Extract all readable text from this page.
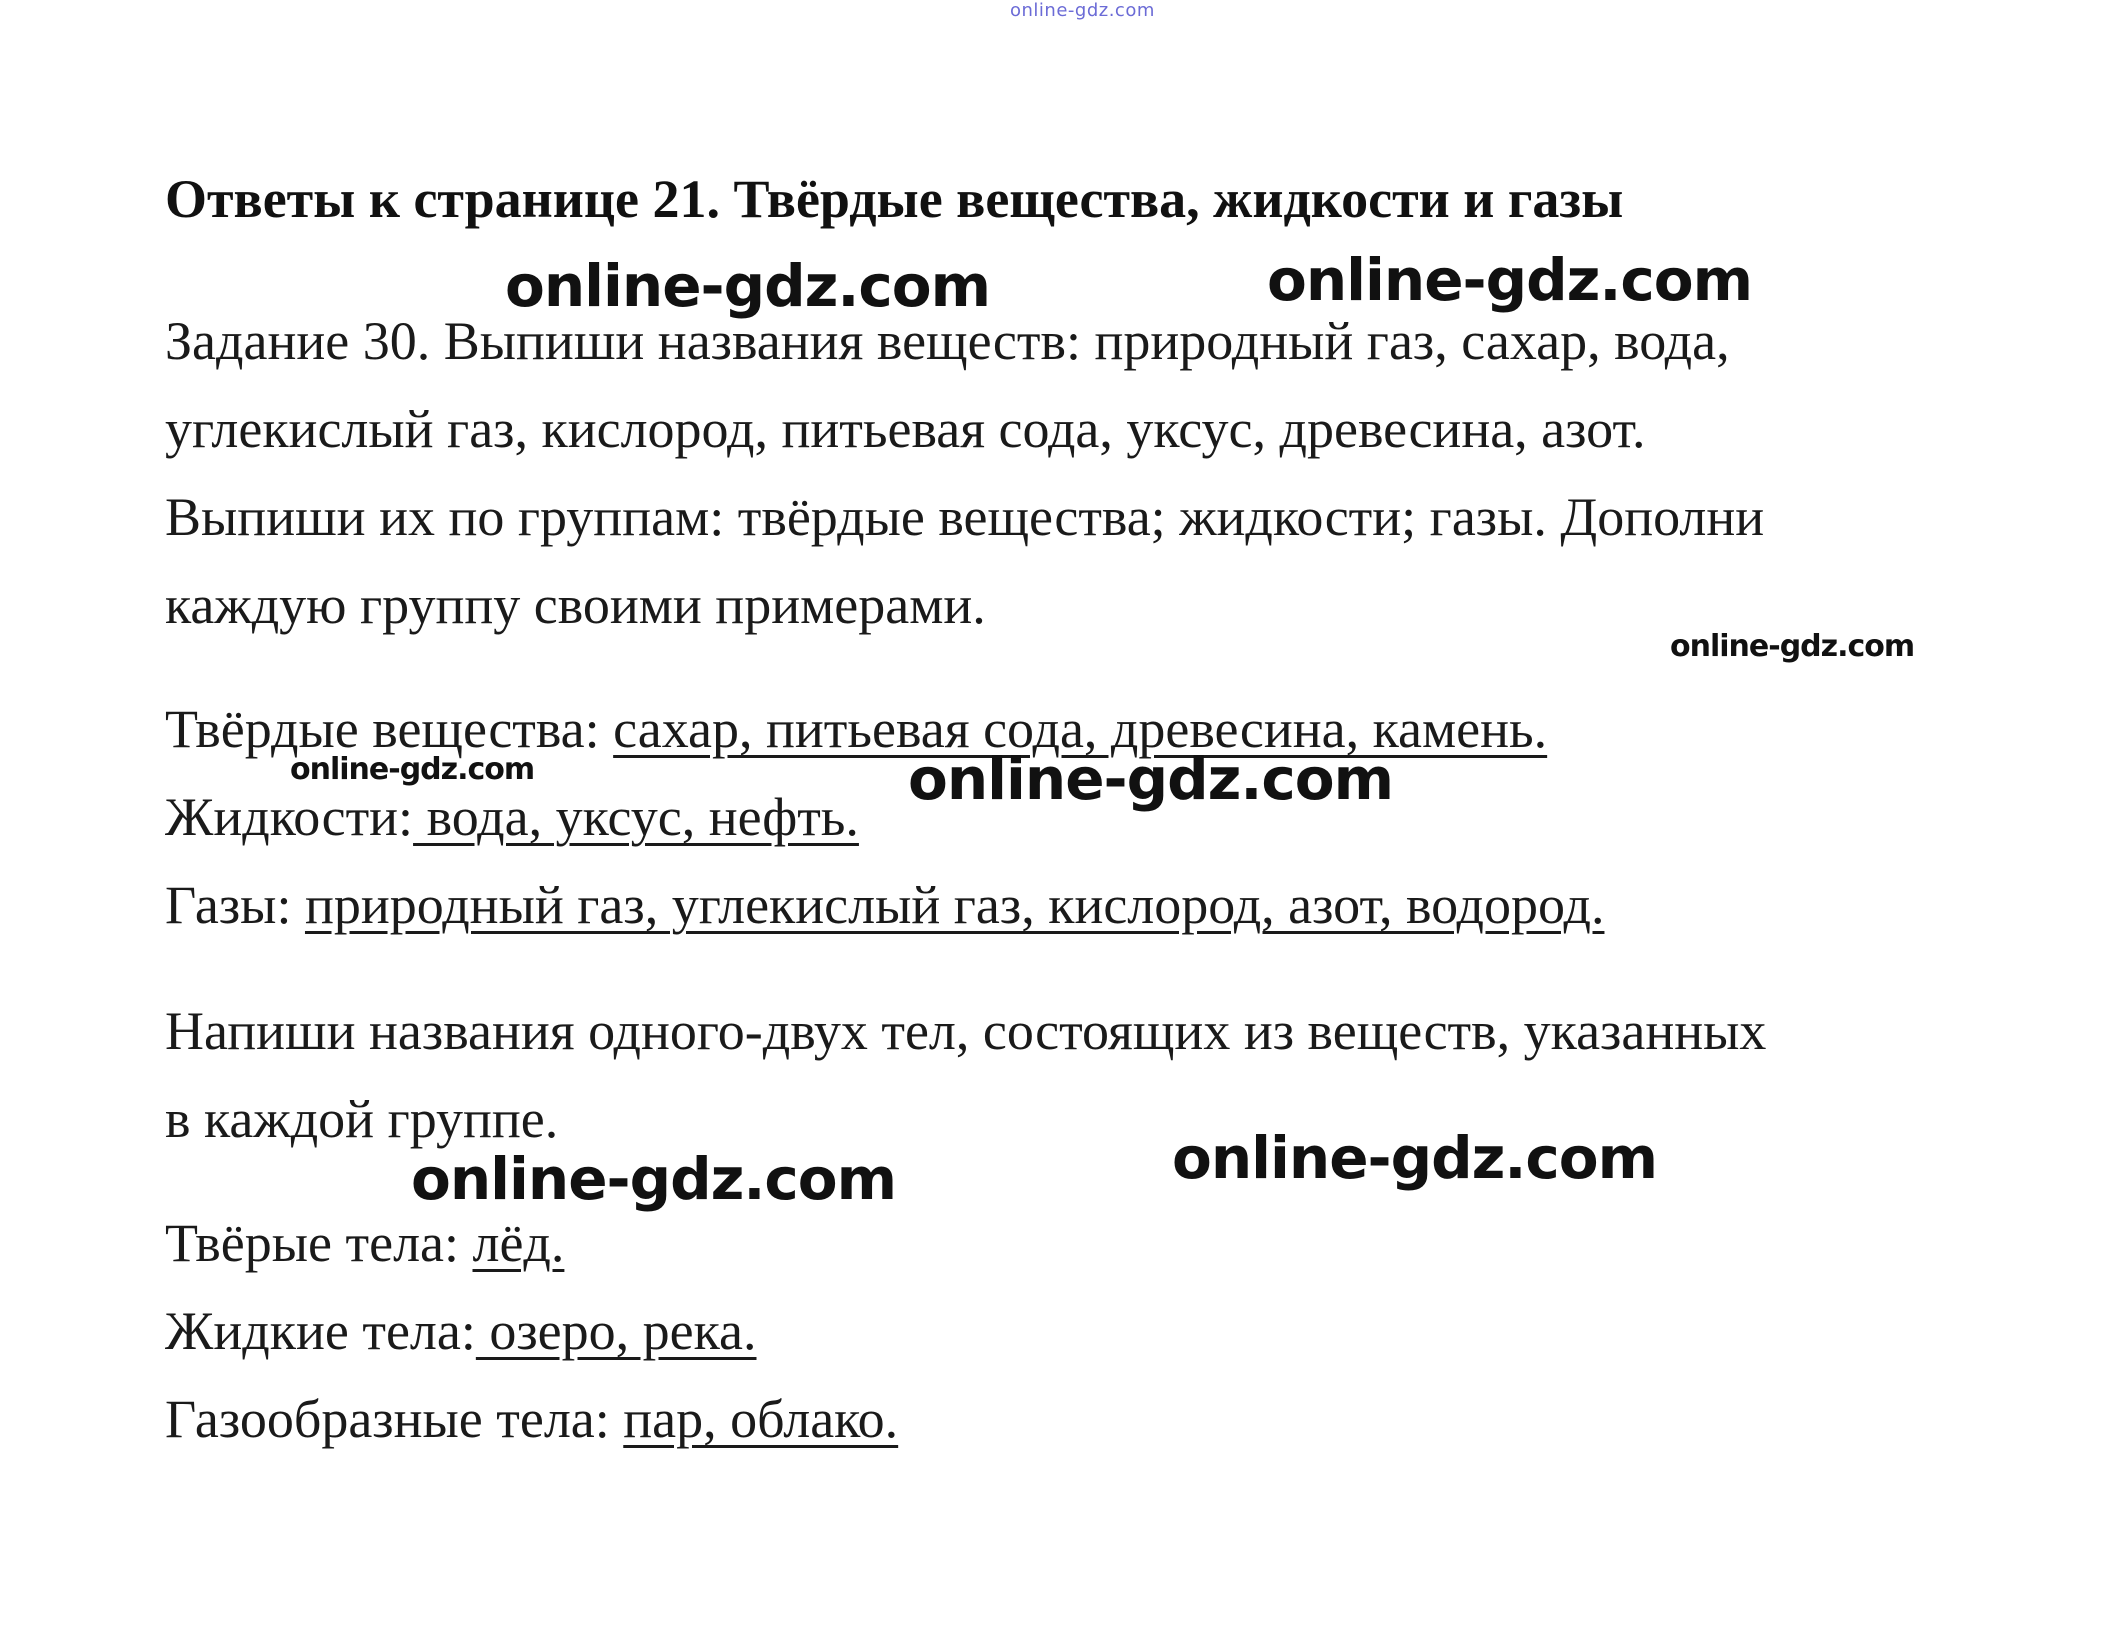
online-gdz.com
Ответы к странице 21. Твёрдые вещества, жидкости и газы
Задание 30. Выпиши названия веществ: природный газ, сахар, вода,
углекислый газ, кислород, питьевая сода, уксус, древесина, азот.
Выпиши их по группам: твёрдые вещества; жидкости; газы. Дополни
каждую группу своими примерами.
Твёрдые вещества: сахар, питьевая сода, древесина, камень.
Жидкости: вода, уксус, нефть.
Газы: природный газ, углекислый газ, кислород, азот, водород.
Напиши названия одного-двух тел, состоящих из веществ, указанных
в каждой группе.
Твёрые тела: лёд.
Жидкие тела: озеро, река.
Газообразные тела: пар, облако.
online-gdz.com	online-gdz.com
online-gdz.com
online-gdz.com	online-gdz.com
online-gdz.com	online-gdz.com
